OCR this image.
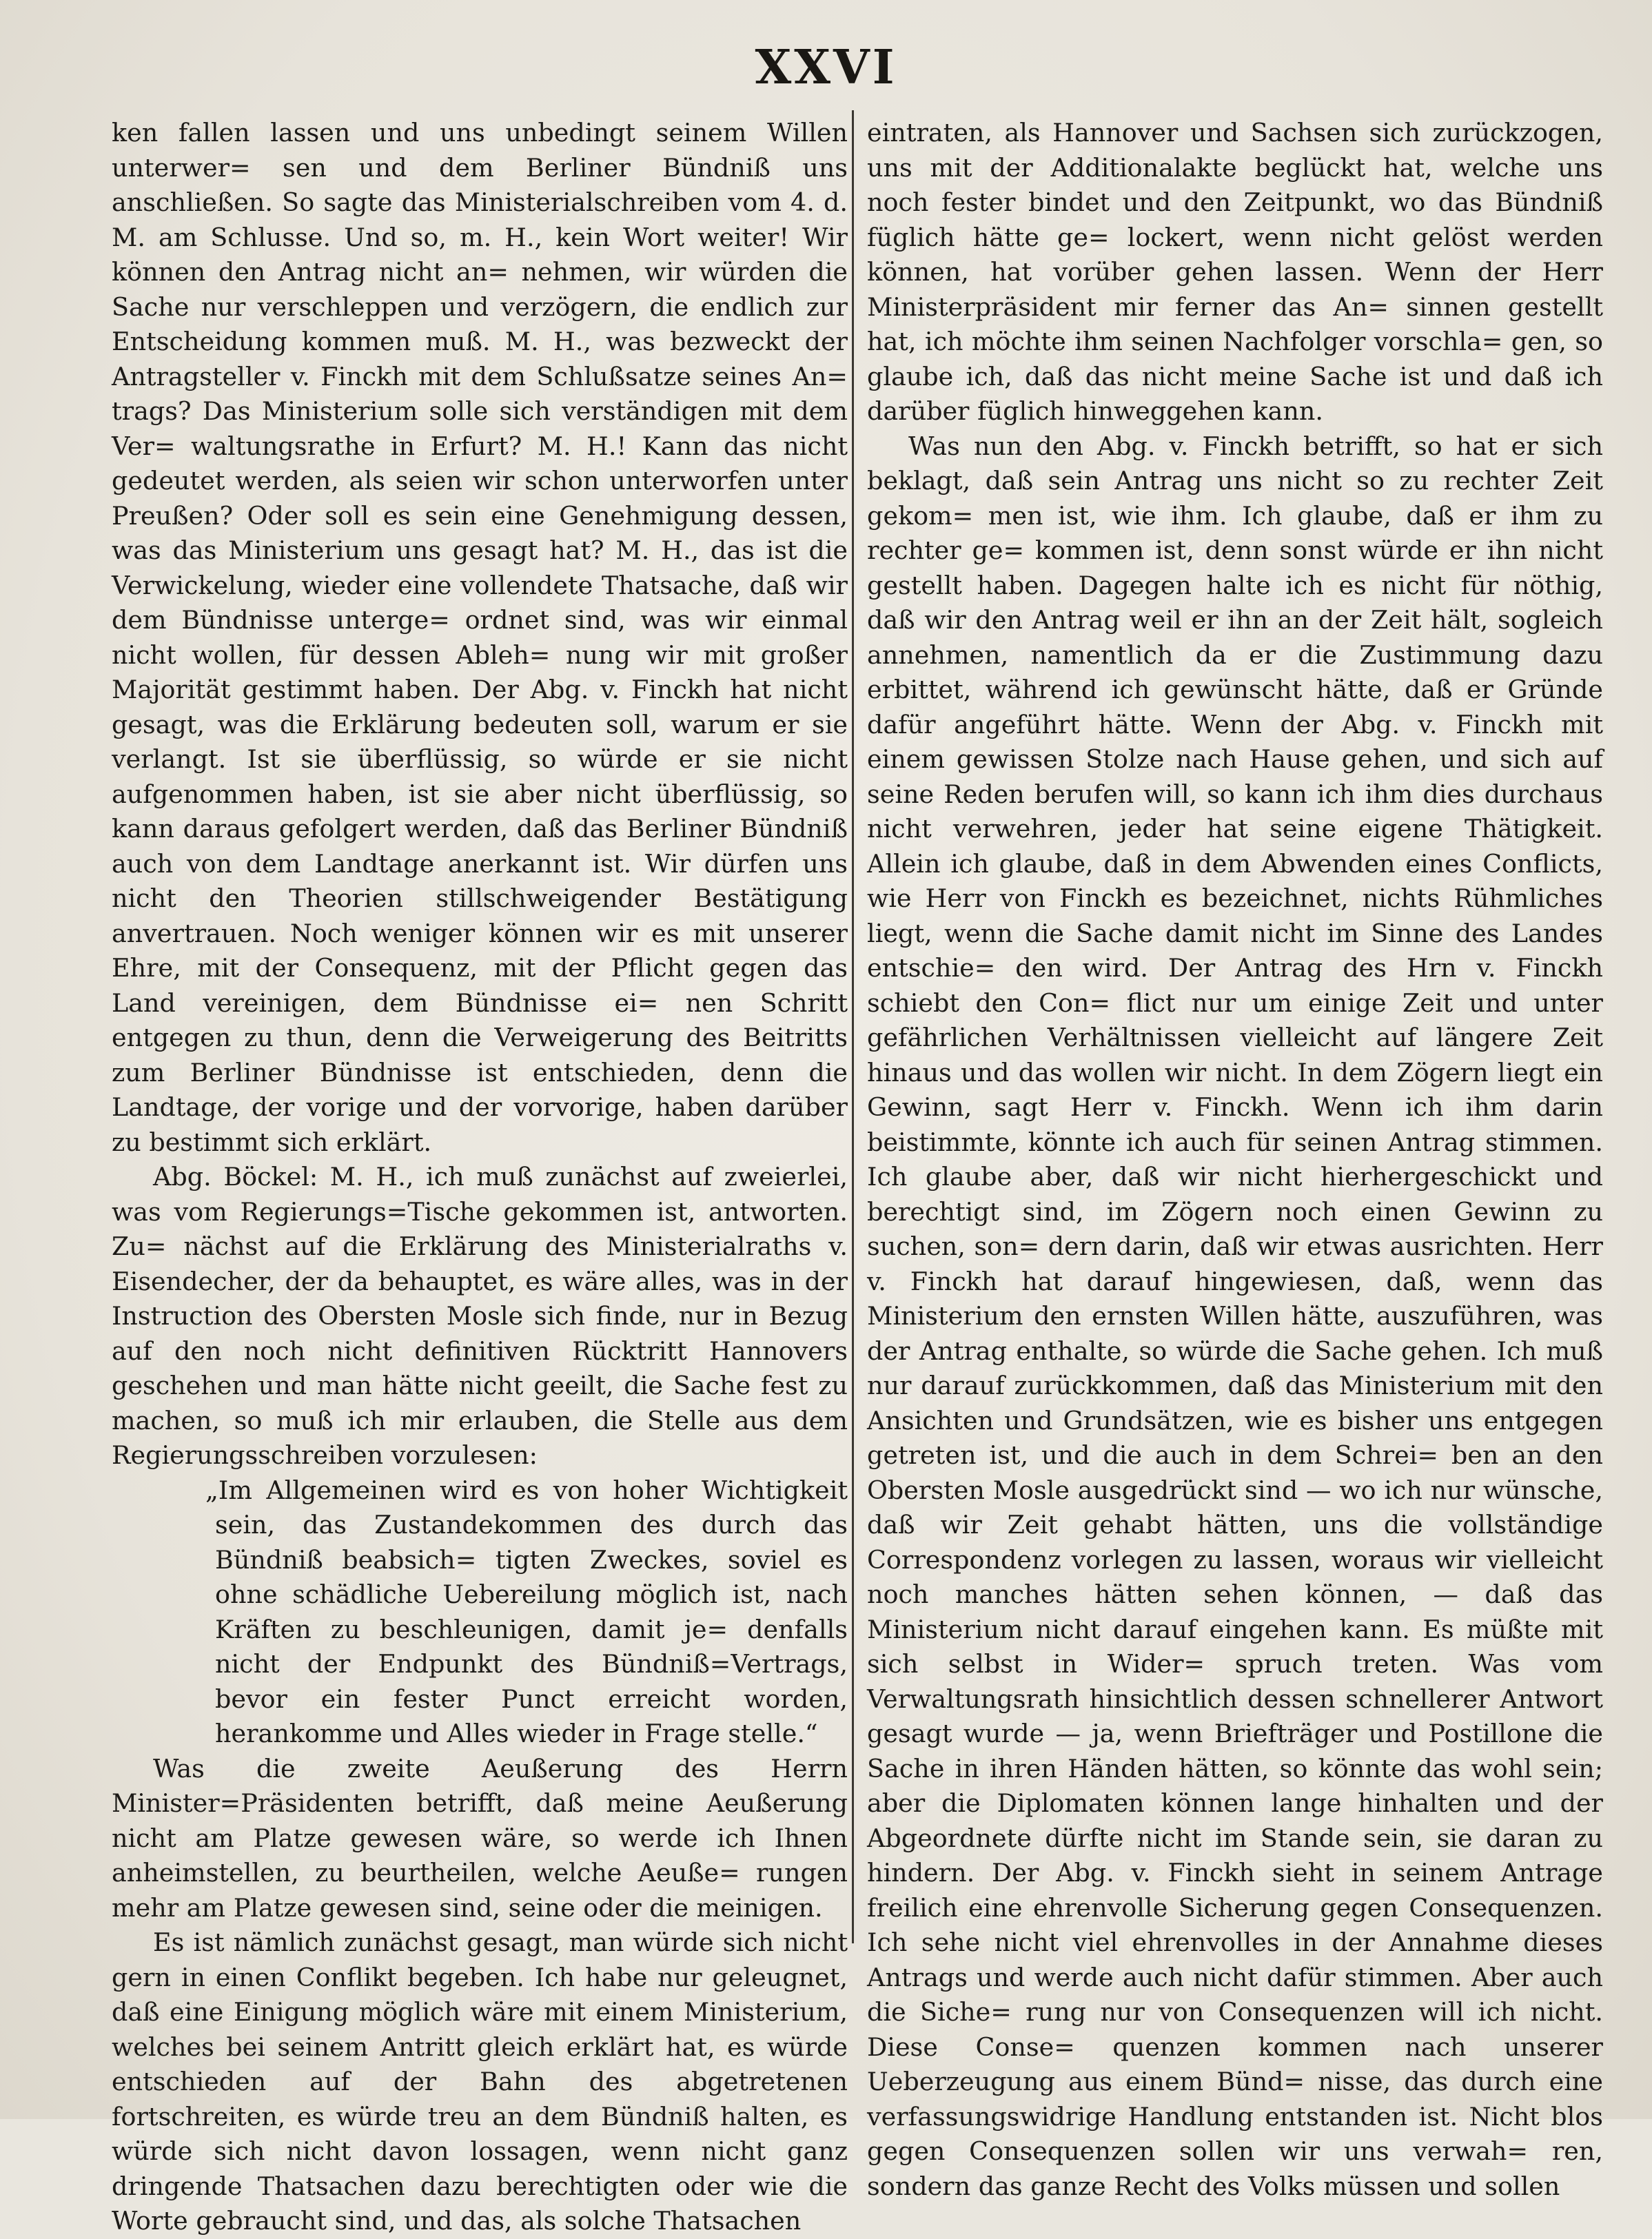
XXVI

ken fallen lassen und uns unbedingt seinem Willen unterwer= sen und dem Berliner Bündniß uns anschließen. So sagte das Ministerialschreiben vom 4. d. M. am Schlusse. Und so, m. H., kein Wort weiter! Wir können den Antrag nicht an= nehmen, wir würden die Sache nur verschleppen und verzögern, die endlich zur Entscheidung kommen muß. M. H., was bezweckt der Antragsteller v. Finckh mit dem Schlußsatze seines An= trags? Das Ministerium solle sich verständigen mit dem Ver= waltungsrathe in Erfurt? M. H.! Kann das nicht gedeutet werden, als seien wir schon unterworfen unter Preußen? Oder soll es sein eine Genehmigung dessen, was das Ministerium uns gesagt hat? M. H., das ist die Verwickelung, wieder eine vollendete Thatsache, daß wir dem Bündnisse unterge= ordnet sind, was wir einmal nicht wollen, für dessen Ableh= nung wir mit großer Majorität gestimmt haben. Der Abg. v. Finckh hat nicht gesagt, was die Erklärung bedeuten soll, warum er sie verlangt. Ist sie überflüssig, so würde er sie nicht aufgenommen haben, ist sie aber nicht überflüssig, so kann daraus gefolgert werden, daß das Berliner Bündniß auch von dem Landtage anerkannt ist. Wir dürfen uns nicht den Theorien stillschweigender Bestätigung anvertrauen. Noch weniger können wir es mit unserer Ehre, mit der Consequenz, mit der Pflicht gegen das Land vereinigen, dem Bündnisse ei= nen Schritt entgegen zu thun, denn die Verweigerung des Beitritts zum Berliner Bündnisse ist entschieden, denn die Landtage, der vorige und der vorvorige, haben darüber zu bestimmt sich erklärt.

Abg. Böckel: M. H., ich muß zunächst auf zweierlei, was vom Regierungs=Tische gekommen ist, antworten. Zu= nächst auf die Erklärung des Ministerialraths v. Eisendecher, der da behauptet, es wäre alles, was in der Instruction des Obersten Mosle sich finde, nur in Bezug auf den noch nicht definitiven Rücktritt Hannovers geschehen und man hätte nicht geeilt, die Sache fest zu machen, so muß ich mir erlauben, die Stelle aus dem Regierungsschreiben vorzulesen:

„Im Allgemeinen wird es von hoher Wichtigkeit sein, das Zustandekommen des durch das Bündniß beabsich= tigten Zweckes, soviel es ohne schädliche Uebereilung möglich ist, nach Kräften zu beschleunigen, damit je= denfalls nicht der Endpunkt des Bündniß=Vertrags, bevor ein fester Punct erreicht worden, herankomme und Alles wieder in Frage stelle.“

Was die zweite Aeußerung des Herrn Minister=Präsidenten betrifft, daß meine Aeußerung nicht am Platze gewesen wäre, so werde ich Ihnen anheimstellen, zu beurtheilen, welche Aeuße= rungen mehr am Platze gewesen sind, seine oder die meinigen.

Es ist nämlich zunächst gesagt, man würde sich nicht gern in einen Conflikt begeben. Ich habe nur geleugnet, daß eine Einigung möglich wäre mit einem Ministerium, welches bei seinem Antritt gleich erklärt hat, es würde entschieden auf der Bahn des abgetretenen fortschreiten, es würde treu an dem Bündniß halten, es würde sich nicht davon lossagen, wenn nicht ganz dringende Thatsachen dazu berechtigten oder wie die Worte gebraucht sind, und das, als solche Thatsachen

eintraten, als Hannover und Sachsen sich zurückzogen, uns mit der Additionalakte beglückt hat, welche uns noch fester bindet und den Zeitpunkt, wo das Bündniß füglich hätte ge= lockert, wenn nicht gelöst werden können, hat vorüber gehen lassen. Wenn der Herr Ministerpräsident mir ferner das An= sinnen gestellt hat, ich möchte ihm seinen Nachfolger vorschla= gen, so glaube ich, daß das nicht meine Sache ist und daß ich darüber füglich hinweggehen kann.

Was nun den Abg. v. Finckh betrifft, so hat er sich beklagt, daß sein Antrag uns nicht so zu rechter Zeit gekom= men ist, wie ihm. Ich glaube, daß er ihm zu rechter ge= kommen ist, denn sonst würde er ihn nicht gestellt haben. Dagegen halte ich es nicht für nöthig, daß wir den Antrag weil er ihn an der Zeit hält, sogleich annehmen, namentlich da er die Zustimmung dazu erbittet, während ich gewünscht hätte, daß er Gründe dafür angeführt hätte. Wenn der Abg. v. Finckh mit einem gewissen Stolze nach Hause gehen, und sich auf seine Reden berufen will, so kann ich ihm dies durchaus nicht verwehren, jeder hat seine eigene Thätigkeit. Allein ich glaube, daß in dem Abwenden eines Conflicts, wie Herr von Finckh es bezeichnet, nichts Rühmliches liegt, wenn die Sache damit nicht im Sinne des Landes entschie= den wird. Der Antrag des Hrn v. Finckh schiebt den Con= flict nur um einige Zeit und unter gefährlichen Verhältnissen vielleicht auf längere Zeit hinaus und das wollen wir nicht. In dem Zögern liegt ein Gewinn, sagt Herr v. Finckh. Wenn ich ihm darin beistimmte, könnte ich auch für seinen Antrag stimmen. Ich glaube aber, daß wir nicht hierhergeschickt und berechtigt sind, im Zögern noch einen Gewinn zu suchen, son= dern darin, daß wir etwas ausrichten. Herr v. Finckh hat darauf hingewiesen, daß, wenn das Ministerium den ernsten Willen hätte, auszuführen, was der Antrag enthalte, so würde die Sache gehen. Ich muß nur darauf zurückkommen, daß das Ministerium mit den Ansichten und Grundsätzen, wie es bisher uns entgegen getreten ist, und die auch in dem Schrei= ben an den Obersten Mosle ausgedrückt sind — wo ich nur wünsche, daß wir Zeit gehabt hätten, uns die vollständige Correspondenz vorlegen zu lassen, woraus wir vielleicht noch manches hätten sehen können, — daß das Ministerium nicht darauf eingehen kann. Es müßte mit sich selbst in Wider= spruch treten. Was vom Verwaltungsrath hinsichtlich dessen schnellerer Antwort gesagt wurde — ja, wenn Briefträger und Postillone die Sache in ihren Händen hätten, so könnte das wohl sein; aber die Diplomaten können lange hinhalten und der Abgeordnete dürfte nicht im Stande sein, sie daran zu hindern. Der Abg. v. Finckh sieht in seinem Antrage freilich eine ehrenvolle Sicherung gegen Consequenzen. Ich sehe nicht viel ehrenvolles in der Annahme dieses Antrags und werde auch nicht dafür stimmen. Aber auch die Siche= rung nur von Consequenzen will ich nicht. Diese Conse= quenzen kommen nach unserer Ueberzeugung aus einem Bünd= nisse, das durch eine verfassungswidrige Handlung entstanden ist. Nicht blos gegen Consequenzen sollen wir uns verwah= ren, sondern das ganze Recht des Volks müssen und sollen
